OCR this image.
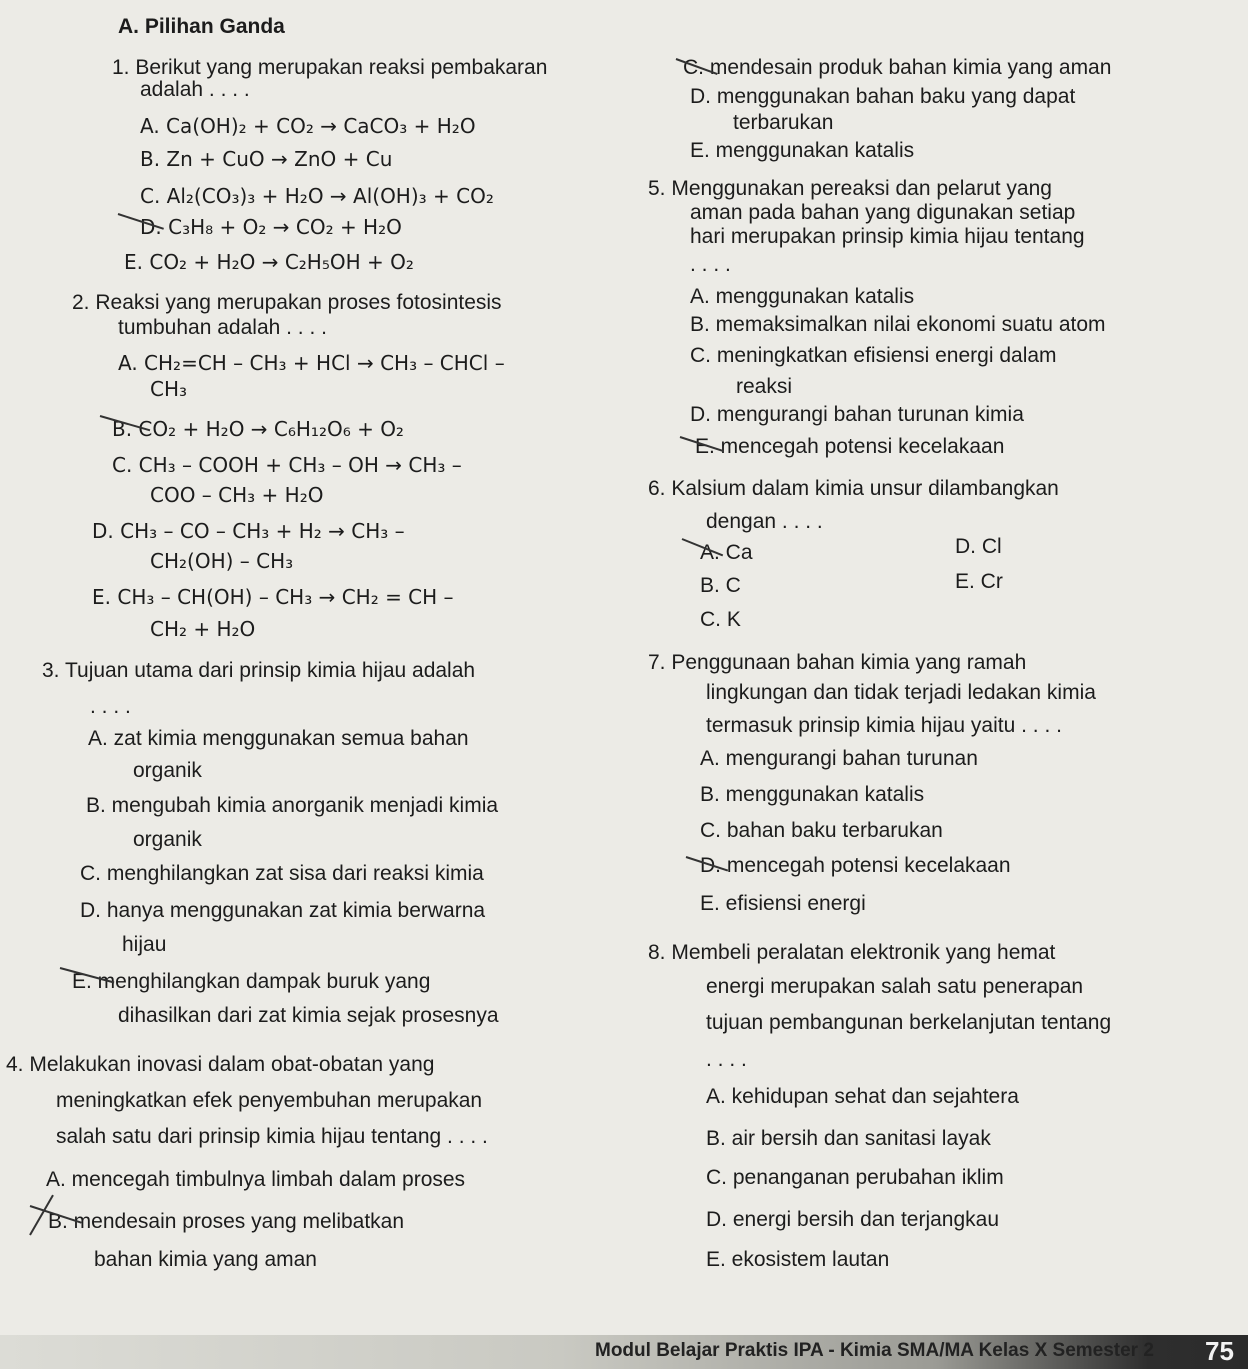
A. Pilihan Ganda
1. Berikut yang merupakan reaksi pembakaran
adalah . . . .
A. Ca(OH)₂ + CO₂ → CaCO₃ + H₂O
B. Zn + CuO → ZnO + Cu
C. Al₂(CO₃)₃ + H₂O → Al(OH)₃ + CO₂
D. C₃H₈ + O₂ → CO₂ + H₂O
E. CO₂ + H₂O → C₂H₅OH + O₂
2. Reaksi yang merupakan proses fotosintesis
tumbuhan adalah . . . .
A. CH₂=CH – CH₃ + HCl → CH₃ – CHCl –
CH₃
B. CO₂ + H₂O → C₆H₁₂O₆ + O₂
C. CH₃ – COOH + CH₃ – OH → CH₃ –
COO – CH₃ + H₂O
D. CH₃ – CO – CH₃ + H₂ → CH₃ –
CH₂(OH) – CH₃
E. CH₃ – CH(OH) – CH₃ → CH₂ = CH –
CH₂ + H₂O
3. Tujuan utama dari prinsip kimia hijau adalah
. . . .
A. zat kimia menggunakan semua bahan
organik
B. mengubah kimia anorganik menjadi kimia
organik
C. menghilangkan zat sisa dari reaksi kimia
D. hanya menggunakan zat kimia berwarna
hijau
E. menghilangkan dampak buruk yang
dihasilkan dari zat kimia sejak prosesnya
4. Melakukan inovasi dalam obat-obatan yang
meningkatkan efek penyembuhan merupakan
salah satu dari prinsip kimia hijau tentang . . . .
A. mencegah timbulnya limbah dalam proses
B. mendesain proses yang melibatkan
bahan kimia yang aman
C. mendesain produk bahan kimia yang aman
D. menggunakan bahan baku yang dapat
terbarukan
E. menggunakan katalis
5. Menggunakan pereaksi dan pelarut yang
aman pada bahan yang digunakan setiap
hari merupakan prinsip kimia hijau tentang
. . . .
A. menggunakan katalis
B. memaksimalkan nilai ekonomi suatu atom
C. meningkatkan efisiensi energi dalam
reaksi
D. mengurangi bahan turunan kimia
E. mencegah potensi kecelakaan
6. Kalsium dalam kimia unsur dilambangkan
dengan . . . .
A. Ca
B. C
C. K
D. Cl
E. Cr
7. Penggunaan bahan kimia yang ramah
lingkungan dan tidak terjadi ledakan kimia
termasuk prinsip kimia hijau yaitu . . . .
A. mengurangi bahan turunan
B. menggunakan katalis
C. bahan baku terbarukan
D. mencegah potensi kecelakaan
E. efisiensi energi
8. Membeli peralatan elektronik yang hemat
energi merupakan salah satu penerapan
tujuan pembangunan berkelanjutan tentang
. . . .
A. kehidupan sehat dan sejahtera
B. air bersih dan sanitasi layak
C. penanganan perubahan iklim
D. energi bersih dan terjangkau
E. ekosistem lautan
Modul Belajar Praktis IPA - Kimia SMA/MA Kelas X Semester 2 75
